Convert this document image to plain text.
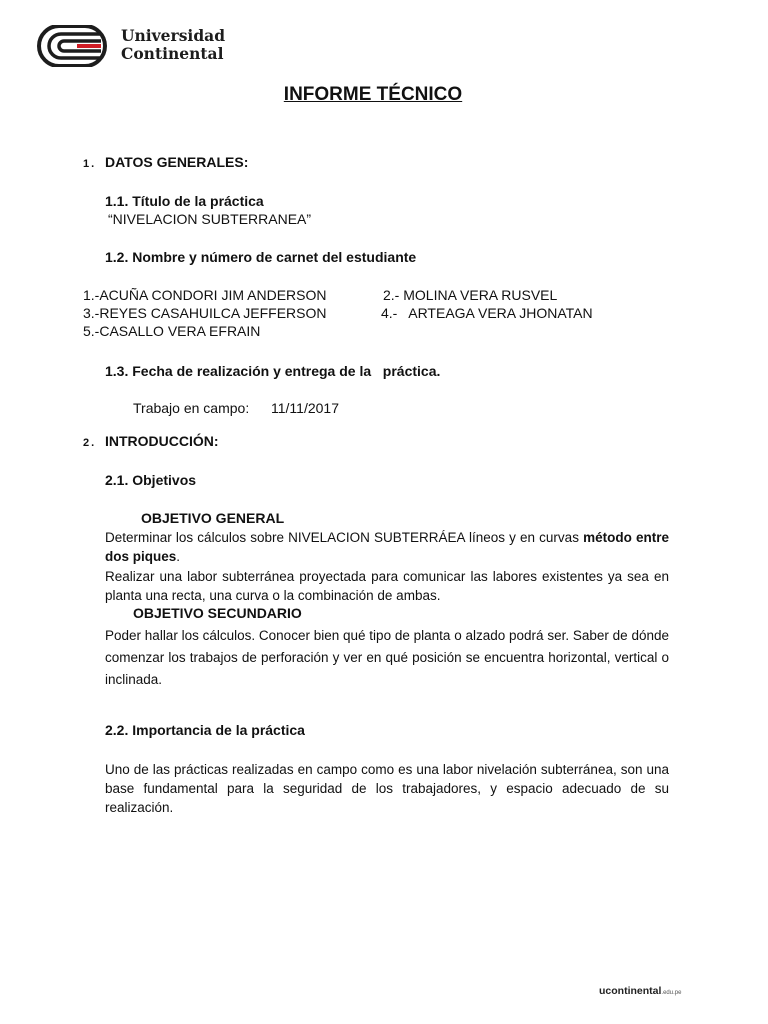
Universidad
Continental
INFORME TÉCNICO
1. DATOS GENERALES:
1.1. Título de la práctica
“NIVELACION SUBTERRANEA”
1.2. Nombre y número de carnet del estudiante
1.-ACUÑA CONDORI JIM ANDERSON	2.- MOLINA VERA RUSVEL
3.-REYES CASAHUILCA JEFFERSON	4.-   ARTEAGA VERA JHONATAN
5.-CASALLO VERA EFRAIN
1.3. Fecha de realización y entrega de la   práctica.
Trabajo en campo: 11/11/2017
2. INTRODUCCIÓN:
2.1. Objetivos
OBJETIVO GENERAL
Determinar los cálculos sobre NIVELACION SUBTERRÁEA líneos y en curvas método entre dos piques.
Realizar una labor subterránea proyectada para comunicar las labores existentes ya sea en planta una recta, una curva o la combinación de ambas.
OBJETIVO SECUNDARIO
Poder hallar los cálculos. Conocer bien qué tipo de planta o alzado podrá ser. Saber de dónde comenzar los trabajos de perforación y ver en qué posición se encuentra horizontal, vertical o inclinada.
2.2. Importancia de la práctica
Uno de las prácticas realizadas en campo como es una labor nivelación subterránea, son una base fundamental para la seguridad de los trabajadores, y espacio adecuado de su realización.
ucontinental.edu.pe
